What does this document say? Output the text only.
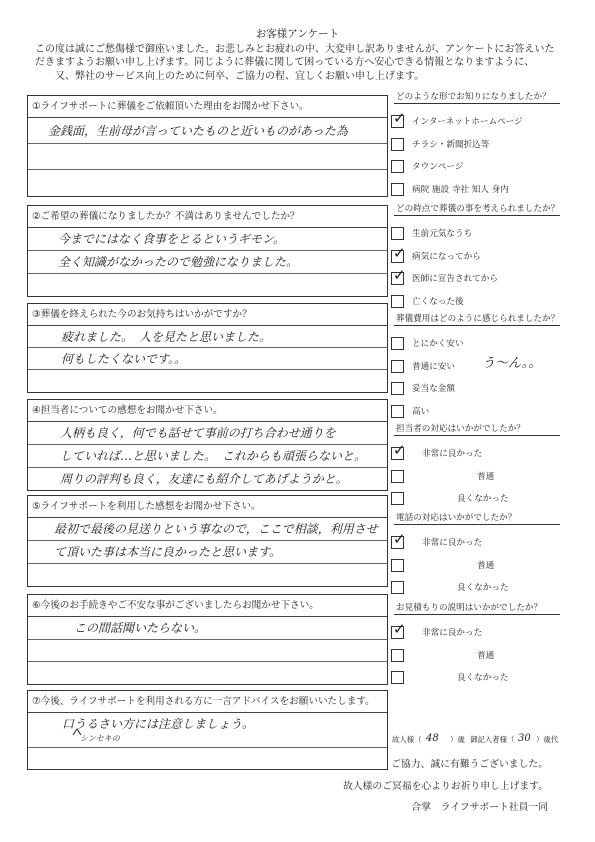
お客様アンケート
この度は誠にご愁傷様で御座いました。お悲しみとお疲れの中、大変申し訳ありませんが、アンケートにお答えいた
だきますようお願い申し上げます。同じように葬儀に関して困っている方へ安心できる情報となりますように、
又、弊社のサービス向上のために何卒、ご協力の程、宜しくお願い申し上げます。
①ライフサポートに葬儀をご依頼頂いた理由をお聞かせ下さい。
金銭面，生前母が言っていたものと近いものがあった為
②ご希望の葬儀になりましたか？不満はありませんでしたか？
今までにはなく食事をとるというギモン。
全く知識がなかったので勉強になりました。
③葬儀を終えられた今のお気持ちはいかがですか？
疲れました。　人を見たと思いました。
何もしたくないです。。
④担当者についての感想をお聞かせ下さい。
人柄も良く，何でも話せて事前の打ち合わせ通りを
していれば…と思いました。　これからも頑張らないと。
周りの評判も良く，友達にも紹介してあげようかと。
⑤ライフサポートを利用した感想をお聞かせ下さい。
最初で最後の見送りという事なので，ここで相談，利用させ
て頂いた事は本当に良かったと思います。
⑥今後のお手続きやご不安な事がございましたらお聞かせ下さい。
この間話聞いたらない。
⑦今後、ライフサポートを利用される方に一言アドバイスをお願いいたします。
口うるさい方には注意しましょう。
シンセキの
どのような形でお知りになりましたか？
✓ インターネットホームページ
チラシ・新聞折込等
タウンページ
病院 施設 寺社 知人 身内
どの時点で葬儀の事を考えられましたか？
生前元気なうち
✓ 病気になってから
✓ 医師に宣告されてから
亡くなった後
葬儀費用はどのように感じられましたか？
とにかく安い
普通に安い
妥当な金額
高い
担当者の対応はいかがでしたか？
✓ 非常に良かった
普通
良くなかった
電話の対応はいかがでしたか？
✓ 非常に良かった
普通
良くなかった
お見積もりの説明はいかがでしたか？
✓ 非常に良かった
普通
良くなかった
う〜ん。。
故人様（ 48 ）歳 御記入者様（ 30 ）歳代
ご協力、誠に有難うございました。
故人様のご冥福を心よりお祈り申し上げます。
合掌　ライフサポート社員一同
